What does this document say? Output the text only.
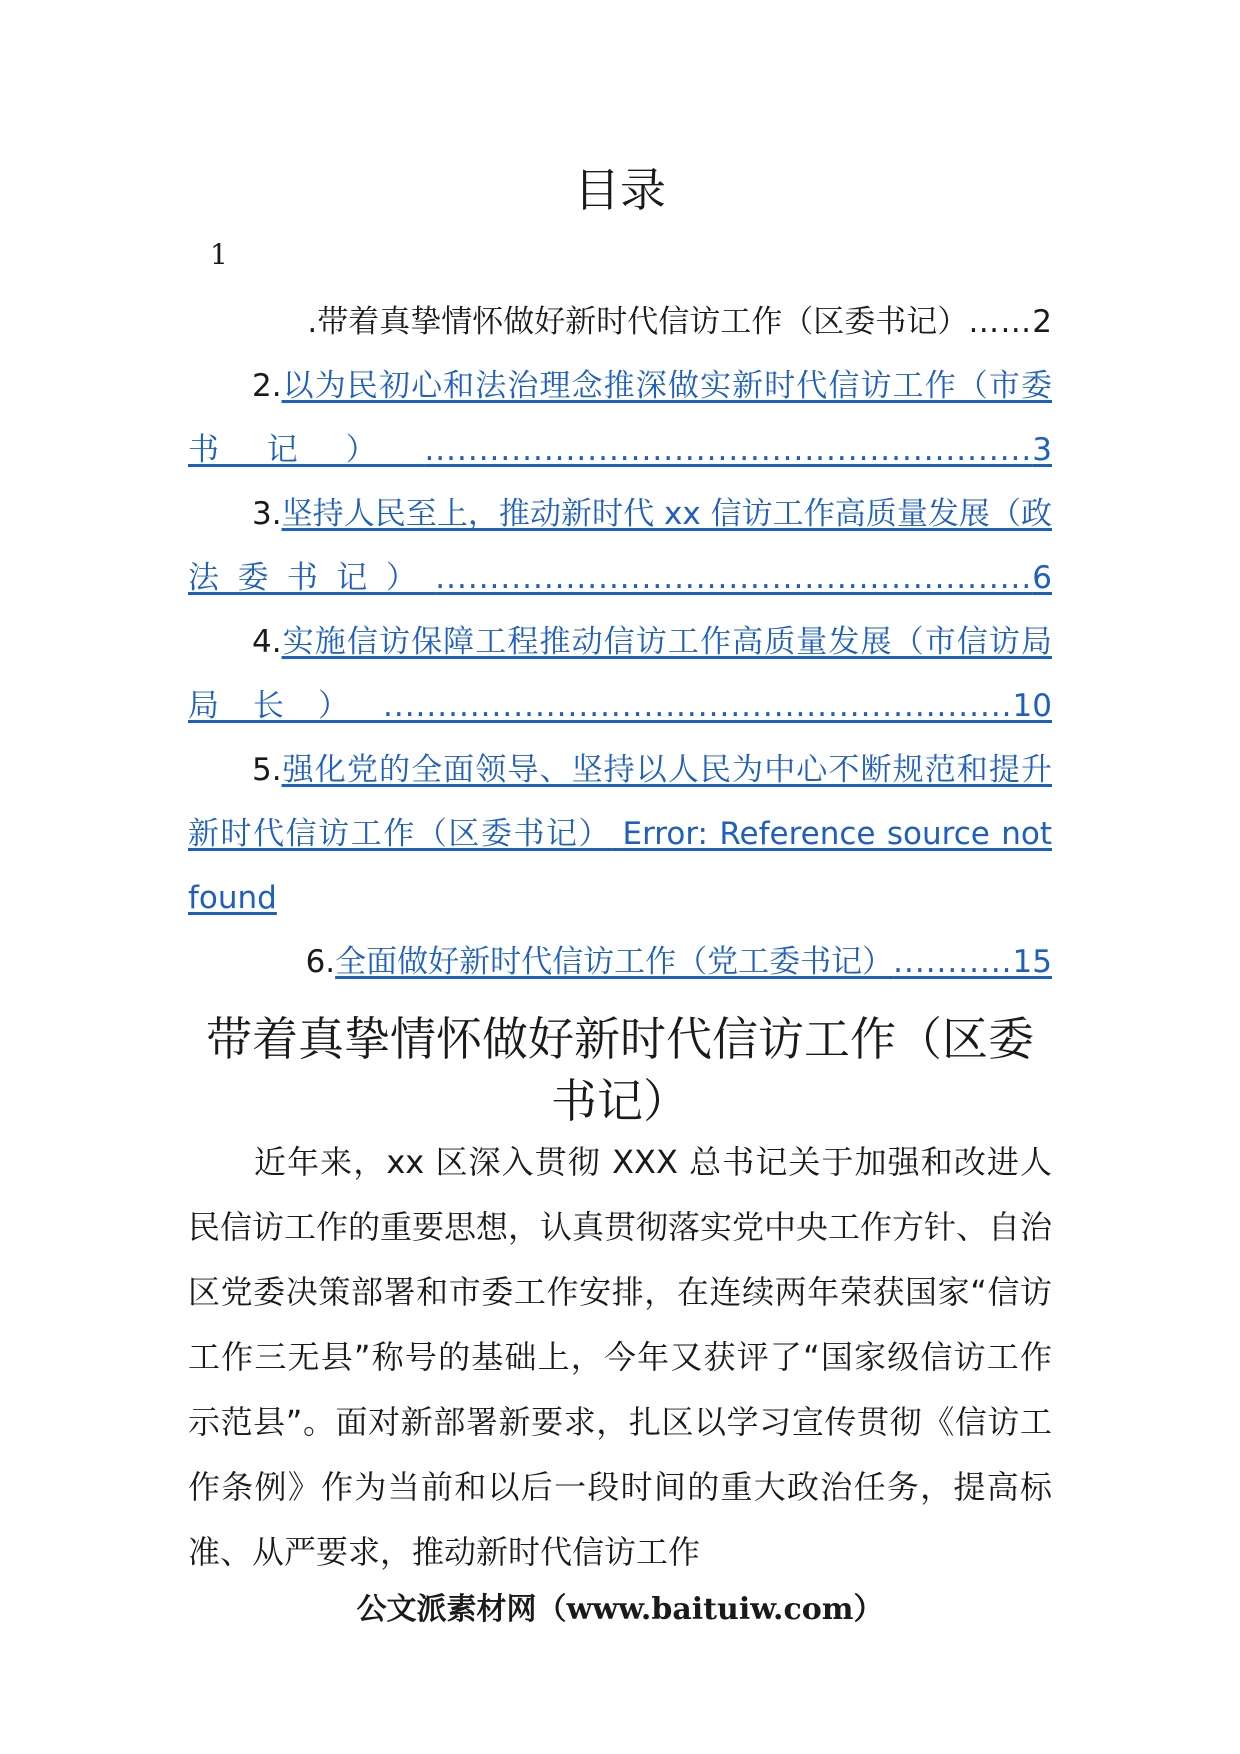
目录
1

.带着真挚情怀做好新时代信访工作（区委书记）……2

2.以为民初心和法治理念推深做实新时代信访工作（市委书记）........................................................3

3.坚持人民至上，推动新时代 xx 信访工作高质量发展（政法委书记）.......................................................6

4.实施信访保障工程推动信访工作高质量发展（市信访局局长）..........................................................10

5.强化党的全面领导、坚持以人民为中心不断规范和提升新时代信访工作（区委书记） Error: Reference source not found

6.全面做好新时代信访工作（党工委书记）...........15

带着真挚情怀做好新时代信访工作（区委书记）

近年来，xx 区深入贯彻 XXX 总书记关于加强和改进人民信访工作的重要思想，认真贯彻落实党中央工作方针、自治区党委决策部署和市委工作安排，在连续两年荣获国家“信访工作三无县”称号的基础上，今年又获评了“国家级信访工作示范县”。面对新部署新要求，扎区以学习宣传贯彻《信访工作条例》作为当前和以后一段时间的重大政治任务，提高标准、从严要求，推动新时代信访工作

公文派素材网（www.baituiw.com）
